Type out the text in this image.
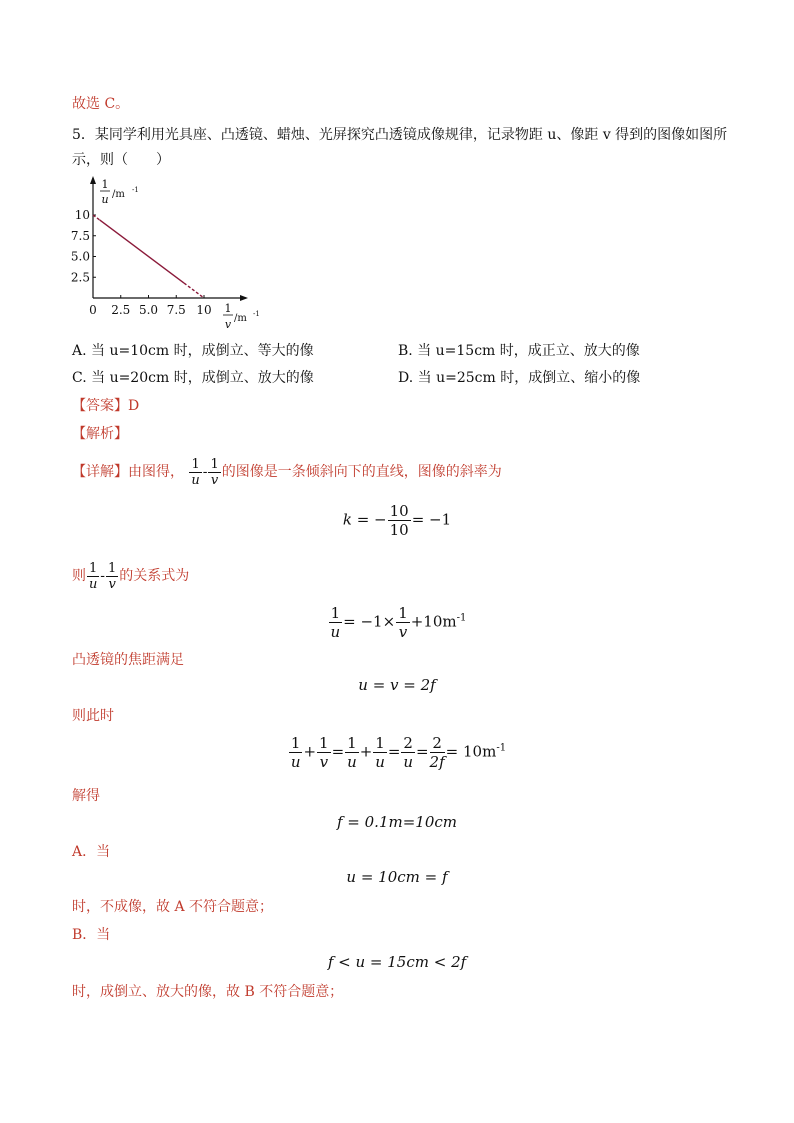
故选 C。
5．某同学利用光具座、凸透镜、蜡烛、光屏探究凸透镜成像规律，记录物距 u、像距 v 得到的图像如图所
示，则（　　）
2.5 5.0 7.5 10
2.5
5.0
7.5
10
0
1
u /m -1
1
v /m -1
A. 当 u=10cm 时，成倒立、等大的像	B. 当 u=15cm 时，成正立、放大的像
C. 当 u=20cm 时，成倒立、放大的像	D. 当 u=25cm 时，成倒立、缩小的像
【答案】D
【解析】
【详解】由图得， $\frac{1}{u} - \frac{1}{v}$ 的图像是一条倾斜向下的直线，图像的斜率为
k = − $\frac{10}{10} = -1$
则 $\frac{1}{u} - \frac{1}{v}$ 的关系式为
$\frac{1}{u} = -1\times \frac{1}{v} +10m^{-1}$
凸透镜的焦距满足
u = v = 2f
则此时
$\frac{1}{u} + \frac{1}{v} = \frac{1}{u} + \frac{1}{u} = \frac{2}{u} = \frac{2}{2f} = 10m^{-1}$
解得
f = 0.1m=10cm
A．当
u = 10cm = f
时，不成像，故 A 不符合题意；
B．当
f < u = 15cm < 2f
时，成倒立、放大的像，故 B 不符合题意；
